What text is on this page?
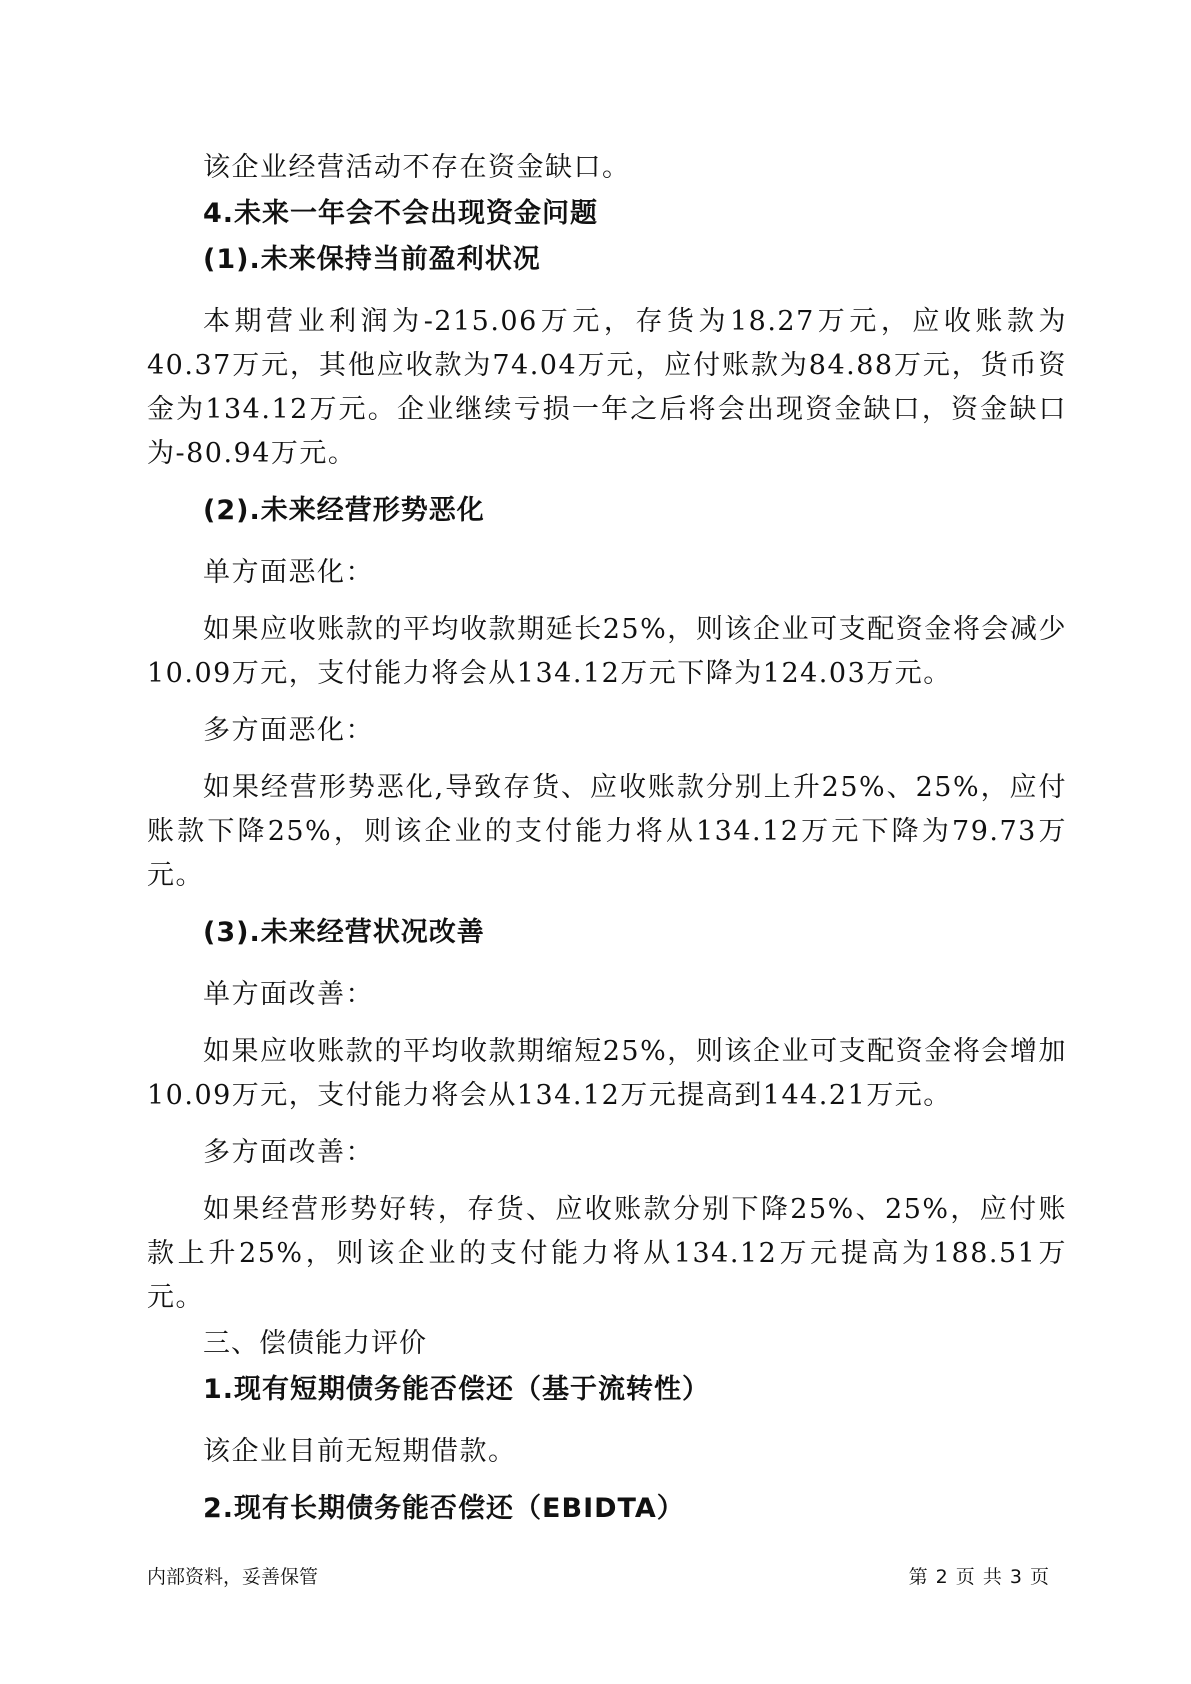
该企业经营活动不存在资金缺口。

4.未来一年会不会出现资金问题
(1).未来保持当前盈利状况

本期营业利润为-215.06万元，存货为18.27万元，应收账款为40.37万元，其他应收款为74.04万元，应付账款为84.88万元，货币资金为134.12万元。企业继续亏损一年之后将会出现资金缺口，资金缺口为-80.94万元。

(2).未来经营形势恶化

单方面恶化：

如果应收账款的平均收款期延长25%，则该企业可支配资金将会减少10.09万元，支付能力将会从134.12万元下降为124.03万元。

多方面恶化：

如果经营形势恶化,导致存货、应收账款分别上升25%、25%，应付账款下降25%，则该企业的支付能力将从134.12万元下降为79.73万元。

(3).未来经营状况改善

单方面改善：

如果应收账款的平均收款期缩短25%，则该企业可支配资金将会增加10.09万元，支付能力将会从134.12万元提高到144.21万元。

多方面改善：

如果经营形势好转，存货、应收账款分别下降25%、25%，应付账款上升25%，则该企业的支付能力将从134.12万元提高为188.51万元。

三、偿债能力评价
1.现有短期债务能否偿还（基于流转性）

该企业目前无短期借款。

2.现有长期债务能否偿还（EBIDTA）
内部资料，妥善保管	第 2 页 共 3 页
